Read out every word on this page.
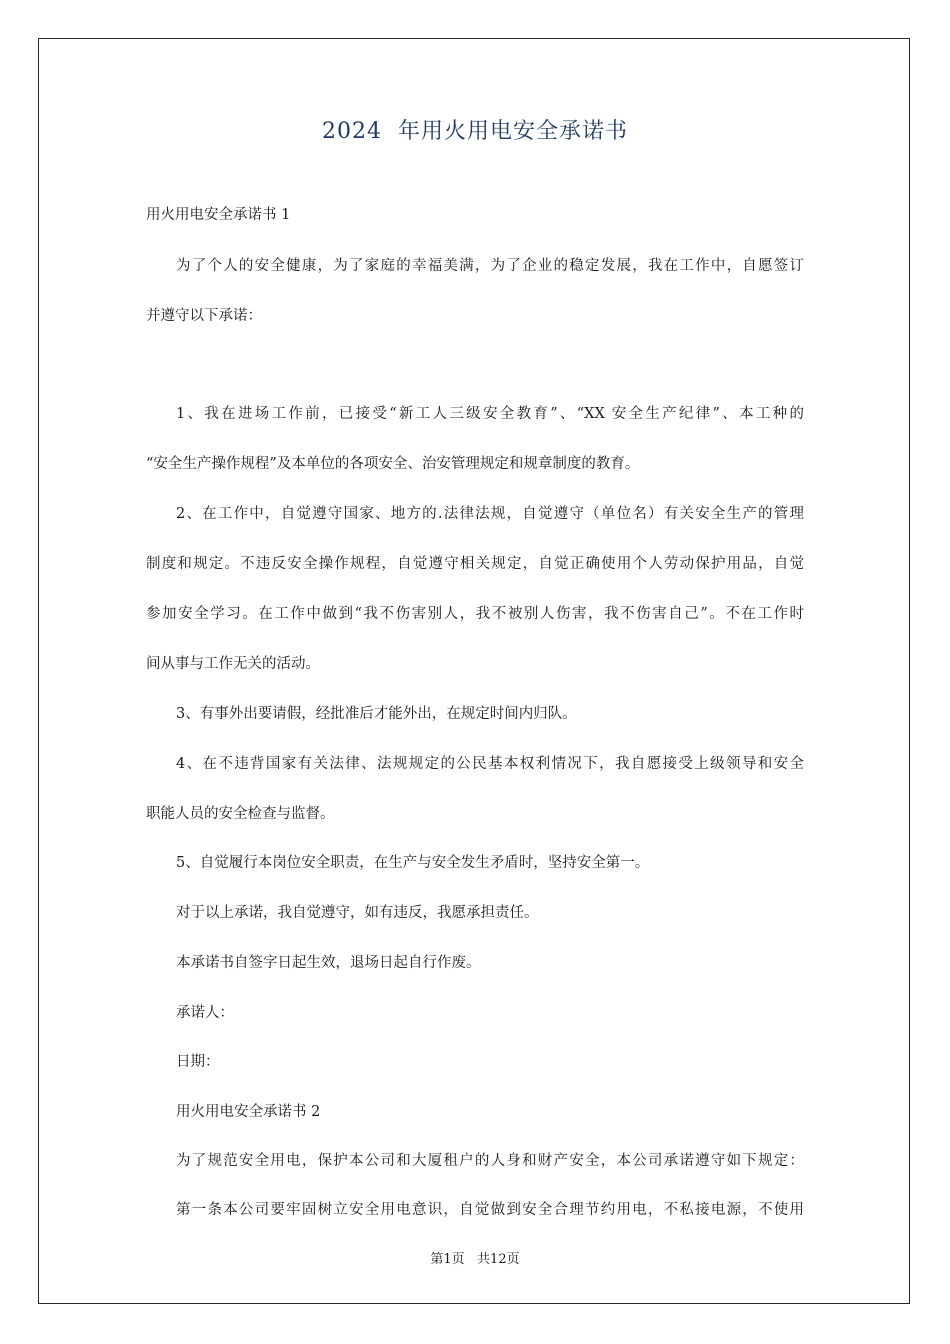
2024  年用火用电安全承诺书
用火用电安全承诺书 1
为了个人的安全健康，为了家庭的幸福美满，为了企业的稳定发展，我在工作中，自愿签订
并遵守以下承诺：
1、我在进场工作前，已接受“新工人三级安全教育”、“XX 安全生产纪律”、本工种的
“安全生产操作规程”及本单位的各项安全、治安管理规定和规章制度的教育。
2、在工作中，自觉遵守国家、地方的.法律法规，自觉遵守（单位名）有关安全生产的管理
制度和规定。不违反安全操作规程，自觉遵守相关规定，自觉正确使用个人劳动保护用品，自觉
参加安全学习。在工作中做到“我不伤害别人，我不被别人伤害，我不伤害自己”。不在工作时
间从事与工作无关的活动。
3、有事外出要请假，经批准后才能外出，在规定时间内归队。
4、在不违背国家有关法律、法规规定的公民基本权利情况下，我自愿接受上级领导和安全
职能人员的安全检查与监督。
5、自觉履行本岗位安全职责，在生产与安全发生矛盾时，坚持安全第一。
对于以上承诺，我自觉遵守，如有违反，我愿承担责任。
本承诺书自签字日起生效，退场日起自行作废。
承诺人：
日期：
用火用电安全承诺书 2
为了规范安全用电，保护本公司和大厦租户的人身和财产安全，本公司承诺遵守如下规定：
第一条本公司要牢固树立安全用电意识，自觉做到安全合理节约用电，不私接电源，不使用
第1页   共12页
